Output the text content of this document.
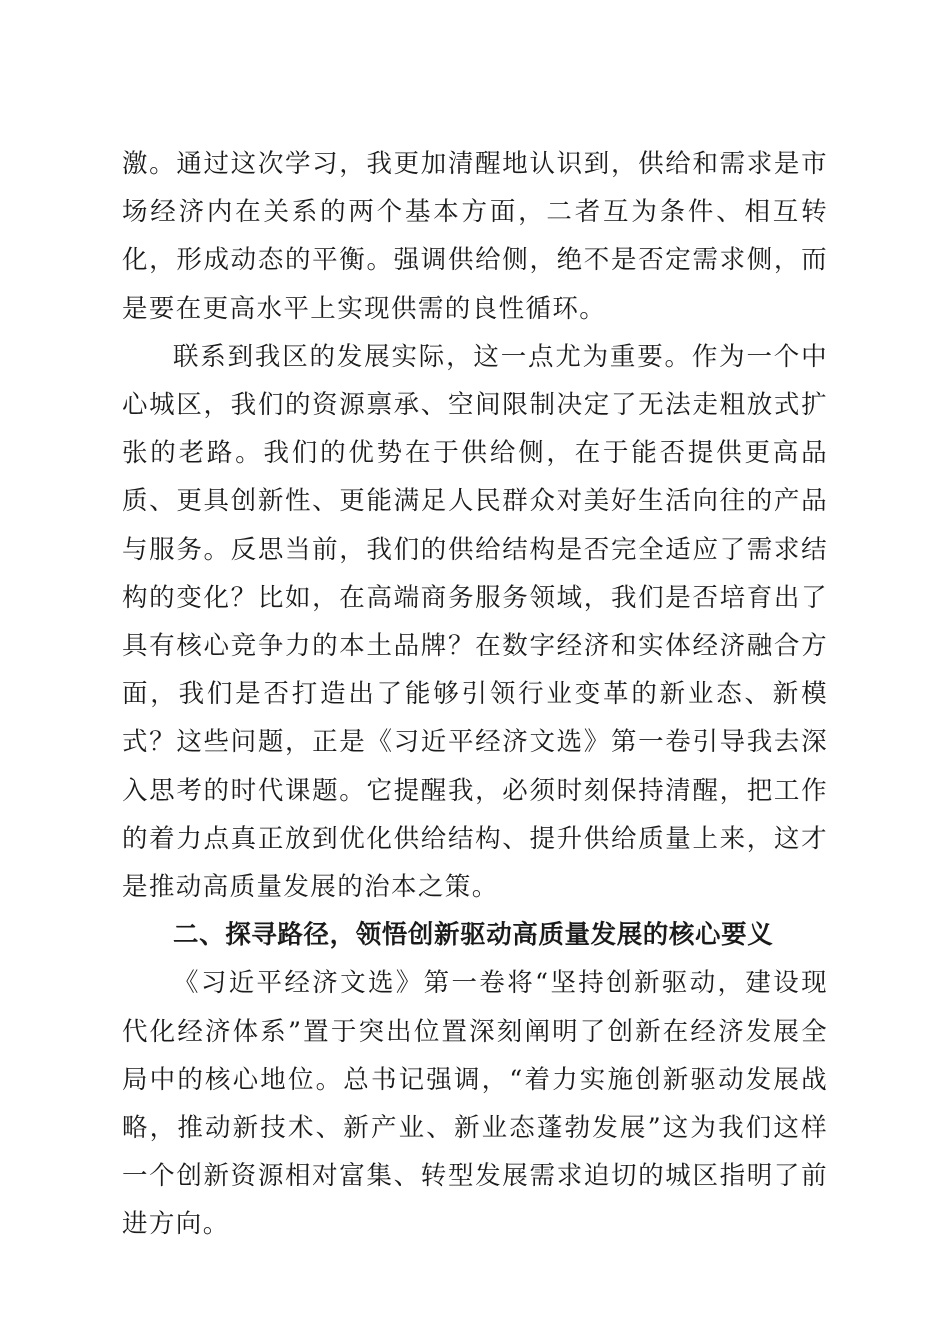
激。通过这次学习，我更加清醒地认识到，供给和需求是市场经济内在关系的两个基本方面，二者互为条件、相互转化，形成动态的平衡。强调供给侧，绝不是否定需求侧，而是要在更高水平上实现供需的良性循环。

联系到我区的发展实际，这一点尤为重要。作为一个中心城区，我们的资源禀承、空间限制决定了无法走粗放式扩张的老路。我们的优势在于供给侧，在于能否提供更高品质、更具创新性、更能满足人民群众对美好生活向往的产品与服务。反思当前，我们的供给结构是否完全适应了需求结构的变化？比如，在高端商务服务领域，我们是否培育出了具有核心竞争力的本土品牌？在数字经济和实体经济融合方面，我们是否打造出了能够引领行业变革的新业态、新模式？这些问题，正是《习近平经济文选》第一卷引导我去深入思考的时代课题。它提醒我，必须时刻保持清醒，把工作的着力点真正放到优化供给结构、提升供给质量上来，这才是推动高质量发展的治本之策。

二、探寻路径，领悟创新驱动高质量发展的核心要义

《习近平经济文选》第一卷将“坚持创新驱动，建设现代化经济体系”置于突出位置深刻阐明了创新在经济发展全局中的核心地位。总书记强调，“着力实施创新驱动发展战略，推动新技术、新产业、新业态蓬勃发展”这为我们这样一个创新资源相对富集、转型发展需求迫切的城区指明了前进方向。
